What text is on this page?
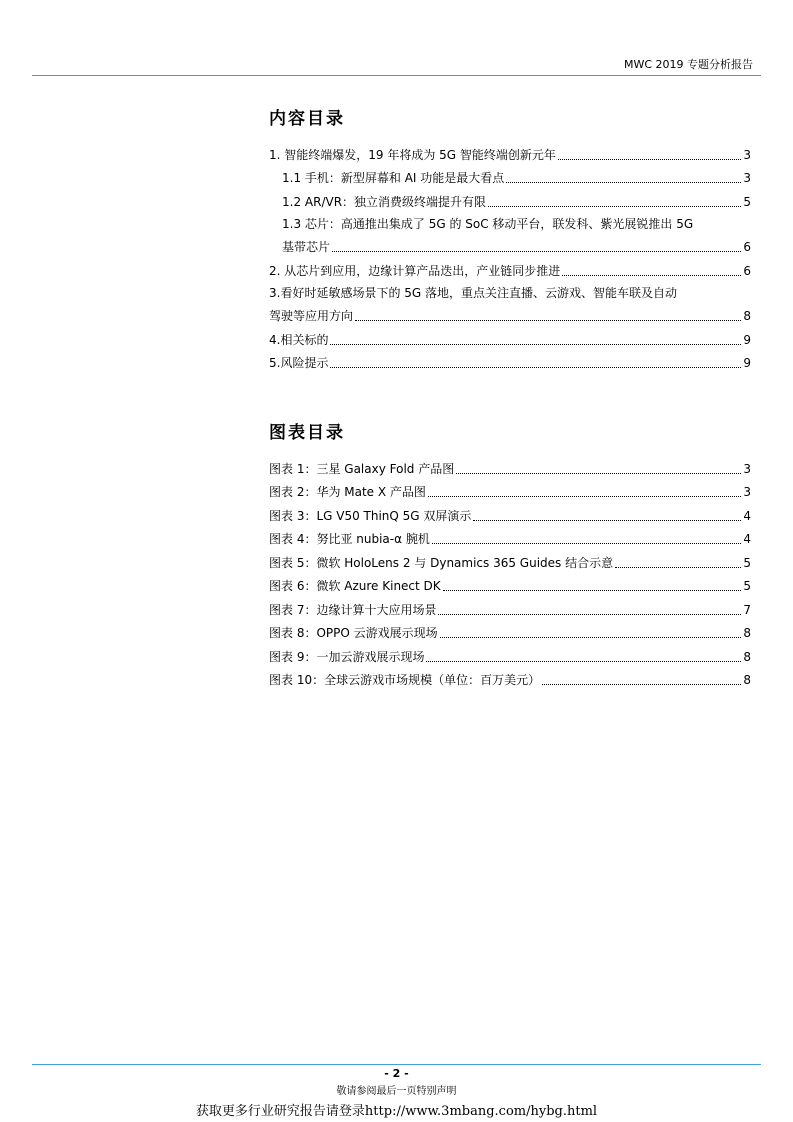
MWC 2019 专题分析报告
内容目录
1. 智能终端爆发，19 年将成为 5G 智能终端创新元年	3
1.1 手机：新型屏幕和 AI 功能是最大看点	3
1.2 AR/VR：独立消费级终端提升有限	5
1.3 芯片：高通推出集成了 5G 的 SoC 移动平台，联发科、紫光展锐推出 5G
基带芯片	6
2. 从芯片到应用，边缘计算产品迭出，产业链同步推进	6
3.看好时延敏感场景下的 5G 落地，重点关注直播、云游戏、智能车联及自动
驾驶等应用方向	8
4.相关标的	9
5.风险提示	9
图表目录
图表 1：三星 Galaxy Fold 产品图	3
图表 2：华为 Mate X 产品图	3
图表 3：LG V50 ThinQ 5G 双屏演示	4
图表 4：努比亚 nubia-α 腕机	4
图表 5：微软 HoloLens 2 与 Dynamics 365 Guides 结合示意	5
图表 6：微软 Azure Kinect DK	5
图表 7：边缘计算十大应用场景	7
图表 8：OPPO 云游戏展示现场	8
图表 9：一加云游戏展示现场	8
图表 10：全球云游戏市场规模（单位：百万美元）	8
- 2 -
敬请参阅最后一页特别声明
获取更多行业研究报告请登录http://www.3mbang.com/hybg.html
